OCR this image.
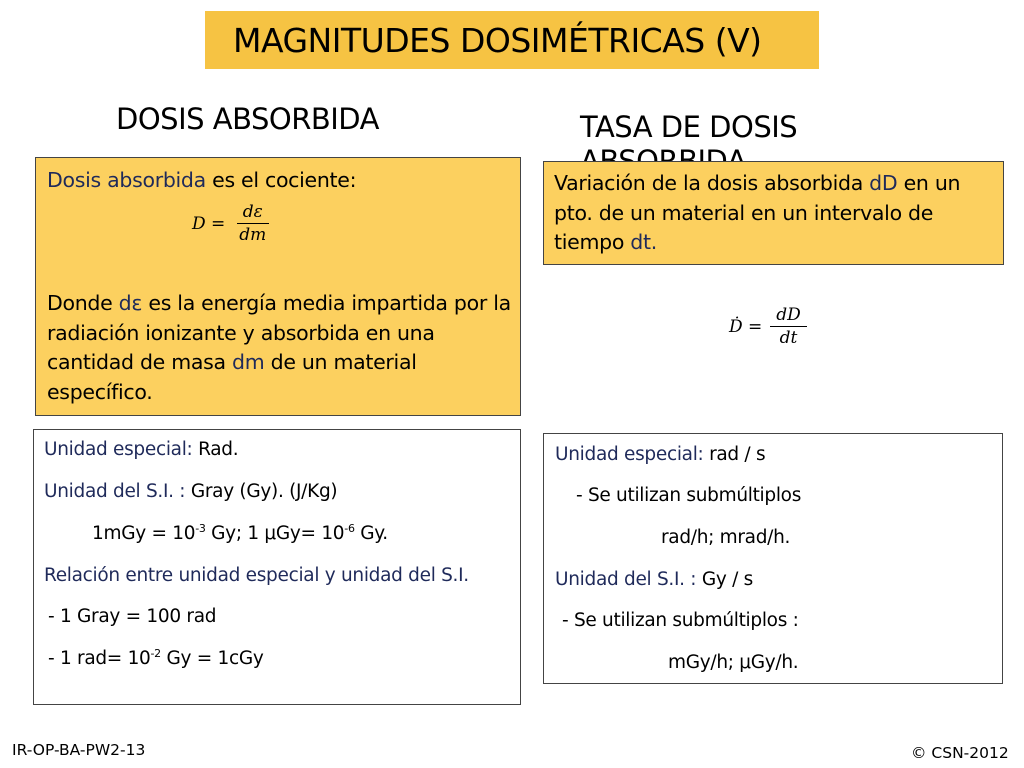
MAGNITUDES DOSIMÉTRICAS (V)
DOSIS ABSORBIDA	TASA DE DOSIS
Dosis absorbida es el cociente:
$D = \frac{d\varepsilon}{dm}$
Donde dε es la energía media impartida por la radiación ionizante y absorbida en una cantidad de masa dm de un material específico.
Variación de la dosis absorbida dD en un pto. de un material en un intervalo de tiempo dt.
Ḋ = $\frac{dD}{dt}$
Unidad especial: Rad.
Unidad del S.I. : Gray (Gy). (J/Kg)
$1mGy = 10^{-3}$ Gy; 1 $\mu Gy= 10^{-6}$ Gy.
Relación entre unidad especial y unidad del S.I.
- 1 Gray = 100 rad
- 1 $rad= 10^{-2}$ Gy = 1cGy
Unidad especial: rad / s
- Se utilizan submúltiplos
rad/h; mrad/h.
Unidad del S.I. : Gy / s
- Se utilizan submúltiplos :
mGy/h; μGy/h.
IR-OP-BA-PW2-13	© CSN-2012
